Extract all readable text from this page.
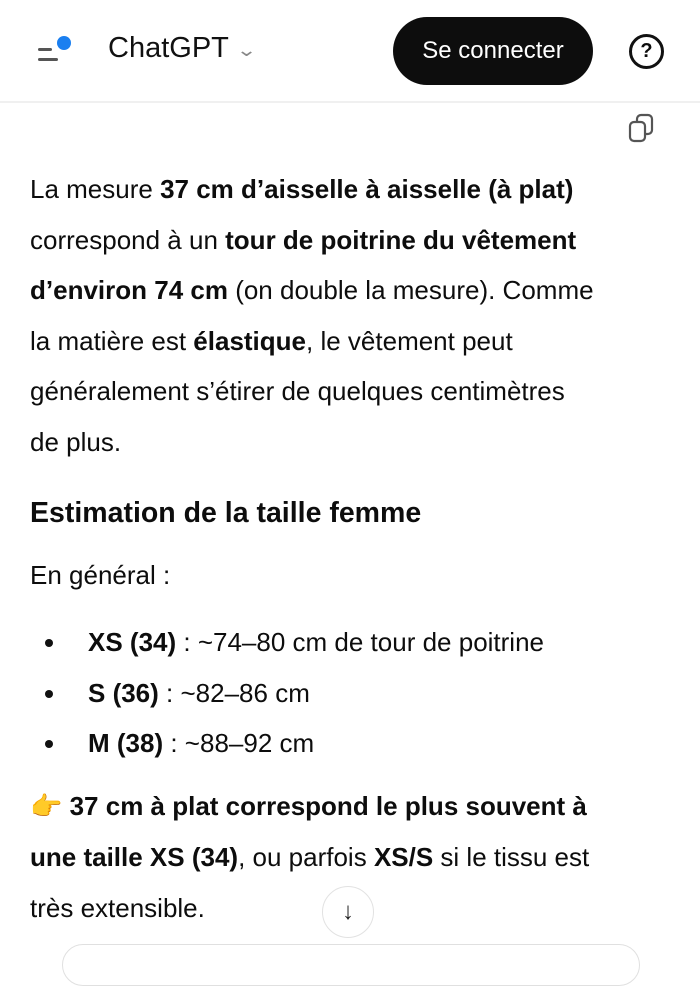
ChatGPT ⌄	Se connecter	?
La mesure 37 cm d’aisselle à aisselle (à plat)
correspond à un tour de poitrine du vêtement
d’environ 74 cm (on double la mesure). Comme
la matière est élastique, le vêtement peut
généralement s’étirer de quelques centimètres
de plus.
Estimation de la taille femme
En général :
XS (34) : ~74–80 cm de tour de poitrine
S (36) : ~82–86 cm
M (38) : ~88–92 cm
👉 37 cm à plat correspond le plus souvent à
une taille XS (34), ou parfois XS/S si le tissu est
très extensible.	↓
